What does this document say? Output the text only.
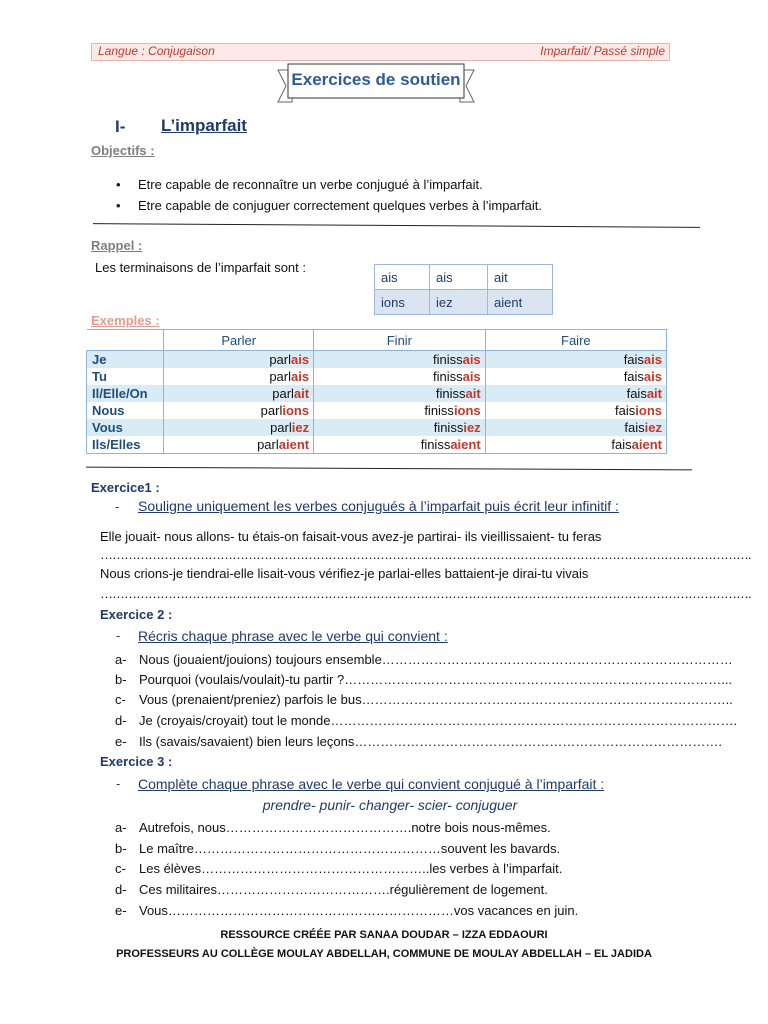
Langue : Conjugaison	Imparfait/ Passé simple
Exercices de soutien
I- L’imparfait
Objectifs :
• Etre capable de reconnaître un verbe conjugué à l’imparfait.
• Etre capable de conjuguer correctement quelques verbes à l’imparfait.
Rappel :
Les terminaisons de l’imparfait sont :
ais	ais	ait
ions	iez	aient
Exemples :
	Parler	Finir	Faire
Je	parlais	finissais	faisais
Tu	parlais	finissais	faisais
Il/Elle/On	parlait	finissait	faisait
Nous	parlions	finissions	faisions
Vous	parliez	finissiez	faisiez
Ils/Elles	parlaient	finissaient	faisaient
Exercice1 :
- Souligne uniquement les verbes conjugués à l’imparfait puis écrit leur infinitif :
Elle jouait- nous allons- tu étais-on faisait-vous avez-je partirai- ils vieillissaient- tu feras
……………………………………………………………………………………………………………………………………………….
Nous crions-je tiendrai-elle lisait-vous vérifiez-je parlai-elles battaient-je dirai-tu vivais
……………………………………………………………………………………………………………………………………………….
Exercice 2 :
- Récris chaque phrase avec le verbe qui convient :
a- Nous (jouaient/jouions) toujours ensemble………………………………………………………………………
b- Pourquoi (voulais/voulait)-tu partir ?……………………………………………………………………………...
c- Vous (prenaient/preniez) parfois le bus…………………………………………………………………………..
d- Je (croyais/croyait) tout le monde………………………………………………………………………………….
e- Ils (savais/savaient) bien leurs leçons………………………………………………………………………….
Exercice 3 :
- Complète chaque phrase avec le verbe qui convient conjugué à l’imparfait :
prendre- punir- changer- scier- conjuguer
a- Autrefois, nous…………………………………….notre bois nous-mêmes.
b- Le maître…………………………………………………souvent les bavards.
c- Les élèves……………………………………………..les verbes à l’imparfait.
d- Ces militaires………………………………….régulièrement de logement.
e- Vous…………………………………………………………vos vacances en juin.
RESSOURCE CRÉÉE PAR SANAA DOUDAR – IZZA EDDAOURI
PROFESSEURS AU COLLÈGE MOULAY ABDELLAH, COMMUNE DE MOULAY ABDELLAH – EL JADIDA
